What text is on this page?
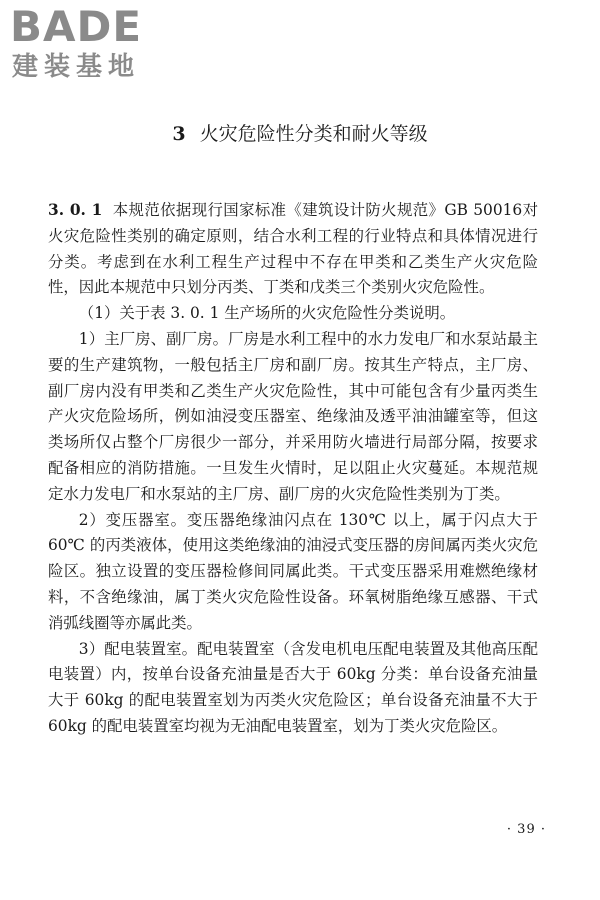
BADE
建装基地
3 火灾危险性分类和耐火等级

3. 0. 1 本规范依据现行国家标准《建筑设计防火规范》GB 50016对火灾危险性类别的确定原则，结合水利工程的行业特点和具体情况进行分类。考虑到在水利工程生产过程中不存在甲类和乙类生产火灾危险性，因此本规范中只划分丙类、丁类和戊类三个类别火灾危险性。

（1）关于表 3. 0. 1 生产场所的火灾危险性分类说明。

1）主厂房、副厂房。厂房是水利工程中的水力发电厂和水泵站最主要的生产建筑物，一般包括主厂房和副厂房。按其生产特点，主厂房、副厂房内没有甲类和乙类生产火灾危险性，其中可能包含有少量丙类生产火灾危险场所，例如油浸变压器室、绝缘油及透平油油罐室等，但这类场所仅占整个厂房很少一部分，并采用防火墙进行局部分隔，按要求配备相应的消防措施。一旦发生火情时，足以阻止火灾蔓延。本规范规定水力发电厂和水泵站的主厂房、副厂房的火灾危险性类别为丁类。

2）变压器室。变压器绝缘油闪点在 130℃ 以上，属于闪点大于 60℃ 的丙类液体，使用这类绝缘油的油浸式变压器的房间属丙类火灾危险区。独立设置的变压器检修间同属此类。干式变压器采用难燃绝缘材料，不含绝缘油，属丁类火灾危险性设备。环氧树脂绝缘互感器、干式消弧线圈等亦属此类。

3）配电装置室。配电装置室（含发电机电压配电装置及其他高压配电装置）内，按单台设备充油量是否大于 60kg 分类：单台设备充油量大于 60kg 的配电装置室划为丙类火灾危险区；单台设备充油量不大于 60kg 的配电装置室均视为无油配电装置室，划为丁类火灾危险区。

· 39 ·
